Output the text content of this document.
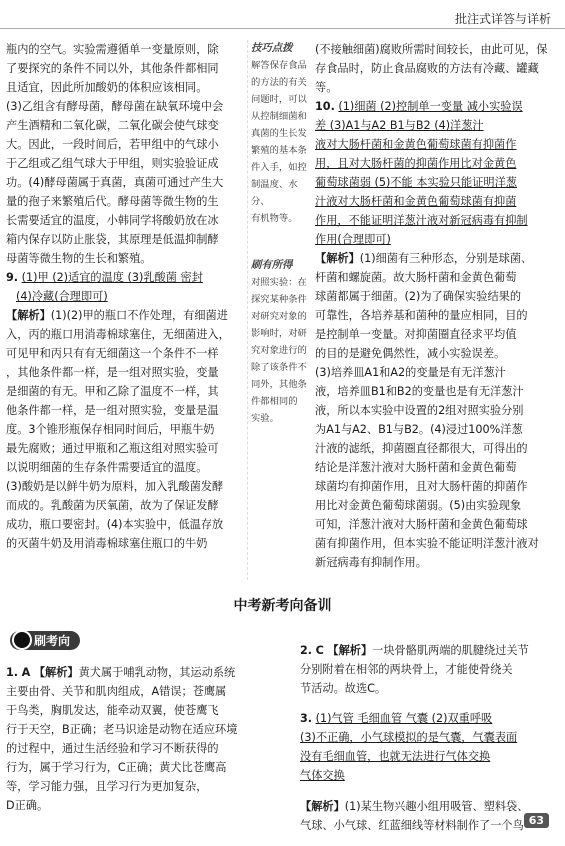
批注式详答与详析
瓶内的空气。实验需遵循单一变量原则，除
了要探究的条件不同以外，其他条件都相同
且适宜，因此所加酸奶的体积应该相同。
(3)乙组含有酵母菌，酵母菌在缺氧环境中会
产生酒精和二氧化碳，二氧化碳会使气球变
大。因此，一段时间后，若甲组中的气球小
于乙组或乙组气球大于甲组，则实验验证成
功。(4)酵母菌属于真菌，真菌可通过产生大
量的孢子来繁殖后代。酵母菌等微生物的生
长需要适宜的温度，小韩同学将酸奶放在冰
箱内保存以防止胀袋，其原理是低温抑制酵
母菌等微生物的生长和繁殖。

9. (1)甲 (2)适宜的温度 (3)乳酸菌 密封

(4)冷藏(合理即可)

【解析】(1)(2)甲的瓶口不作处理，有细菌进
入，丙的瓶口用消毒棉球塞住，无细菌进入，
可见甲和丙只有有无细菌这一个条件不一样
，其他条件都一样，是一组对照实验，变量
是细菌的有无。甲和乙除了温度不一样，其
他条件都一样，是一组对照实验，变量是温
度。3个锥形瓶保存相同时间后，甲瓶牛奶
最先腐败；通过甲瓶和乙瓶这组对照实验可
以说明细菌的生存条件需要适宜的温度。
(3)酸奶是以鲜牛奶为原料，加入乳酸菌发酵
而成的。乳酸菌为厌氧菌，故为了保证发酵
成功，瓶口要密封。(4)本实验中，低温存放
的灭菌牛奶及用消毒棉球塞住瓶口的牛奶

技巧点拨
解答保存食品
的方法的有关
问题时，可以
从控制细菌和
真菌的生长发
繁殖的基本条
件入手，如控
制温度、水分、
有机物等。
刷有所得
对照实验：在
探究某种条件
对研究对象的
影响时，对研
究对象进行的
除了该条件不
同外，其他条
件都相同的
实验。
(不接触细菌)腐败所需时间较长，由此可见，保
存食品时，防止食品腐败的方法有冷藏、罐藏等。

10. (1)细菌 (2)控制单一变量 减小实验误
差 (3)A1与A2 B1与B2 (4)洋葱汁
液对大肠杆菌和金黄色葡萄球菌有抑菌作
用，且对大肠杆菌的抑菌作用比对金黄色
葡萄球菌弱 (5)不能 本实验只能证明洋葱
汁液对大肠杆菌和金黄色葡萄球菌有抑菌
作用，不能证明洋葱汁液对新冠病毒有抑制
作用(合理即可)

【解析】(1)细菌有三种形态，分别是球菌、
杆菌和螺旋菌。故大肠杆菌和金黄色葡萄
球菌都属于细菌。(2)为了确保实验结果的
可靠性，各培养基和菌种的量应相同，目的
是控制单一变量。对抑菌圈直径求平均值
的目的是避免偶然性，减小实验误差。
(3)培养皿A1和A2的变量是有无洋葱汁
液，培养皿B1和B2的变量也是有无洋葱汁
液，所以本实验中设置的2组对照实验分别
为A1与A2、B1与B2。(4)浸过100%洋葱
汁液的滤纸，抑菌圈直径都很大，可得出的
结论是洋葱汁液对大肠杆菌和金黄色葡萄
球菌均有抑菌作用，且对大肠杆菌的抑菌作
用比对金黄色葡萄球菌弱。(5)由实验现象
可知，洋葱汁液对大肠杆菌和金黄色葡萄球
菌有抑菌作用，但本实验不能证明洋葱汁液对
新冠病毒有抑制作用。

中考新考向备训
刷考向

1. A 【解析】黄犬属于哺乳动物，其运动系统
主要由骨、关节和肌肉组成，A错误；苍鹰属
于鸟类，胸肌发达，能牵动双翼，使苍鹰飞
行于天空，B正确；老马识途是动物在适应环境
的过程中，通过生活经验和学习不断获得的
行为，属于学习行为，C正确；黄犬比苍鹰高
等，学习能力强，且学习行为更加复杂，
D正确。

2. C 【解析】一块骨骼肌两端的肌腱绕过关节
分别附着在相邻的两块骨上，才能使骨绕关
节活动。故选C。

3. (1)气管 毛细血管 气囊 (2)双重呼吸
(3)不正确，小气球模拟的是气囊，气囊表面
没有毛细血管，也就无法进行气体交换
气体交换

【解析】(1)某生物兴趣小组用吸管、塑料袋、
气球、小气球、红蓝细线等材料制作了一个鸟 63
